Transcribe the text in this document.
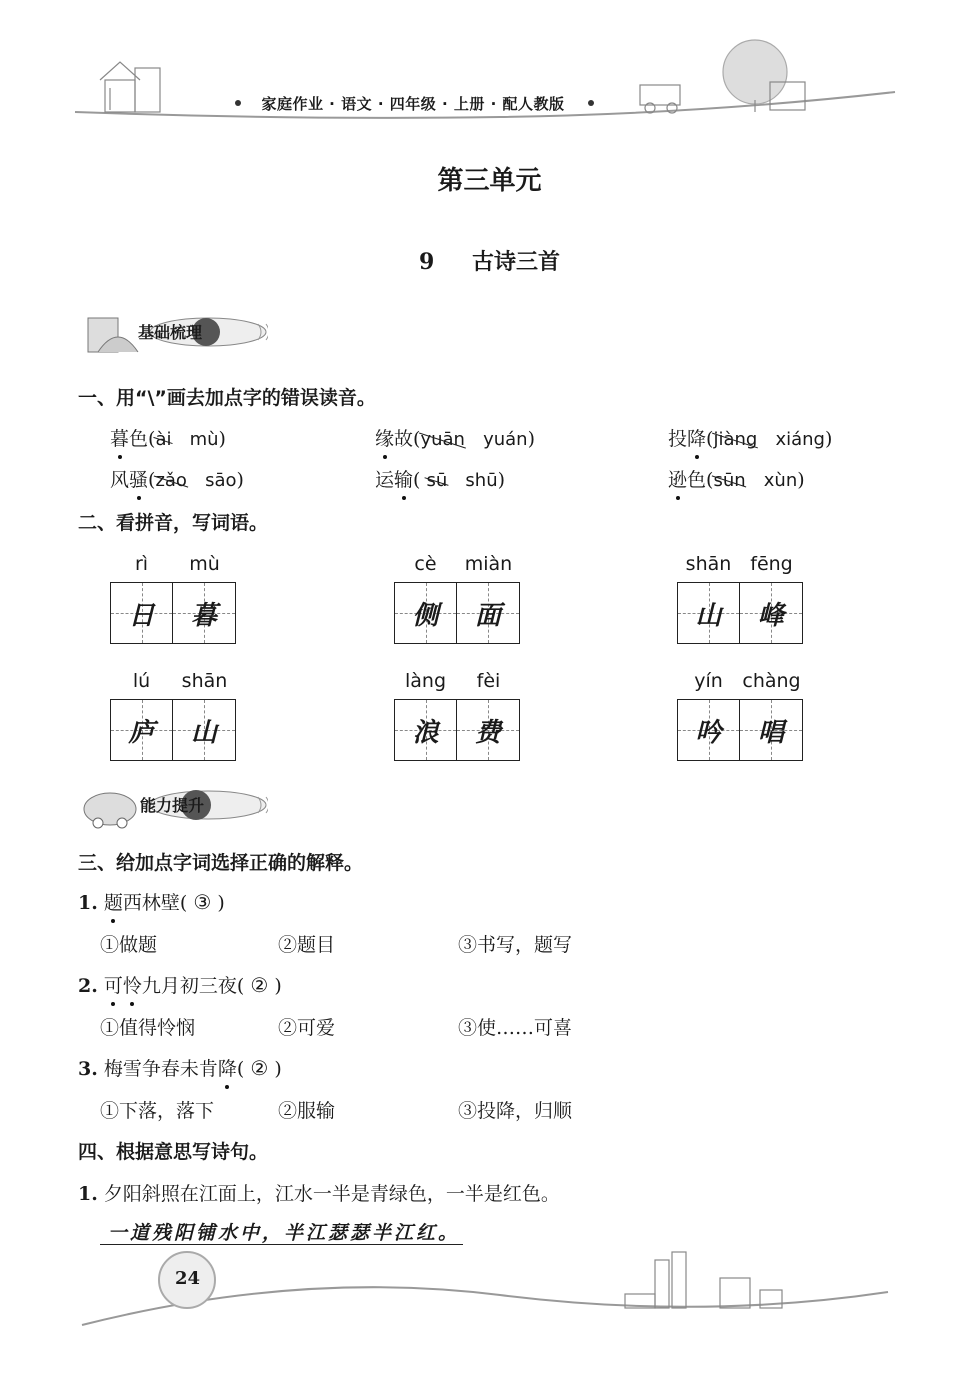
家庭作业 · 语文 · 四年级 · 上册 · 配人教版
第三单元
9 古诗三首
基础梳理
一、用“\”画去加点字的错误读音。
暮色(ài mù)	缘故(yuān yuán)	投降(jiàng xiáng)
风骚(zǎo sāo)	运输( sū shū)	逊色(sūn xùn)
二、看拼音，写词语。
rì	mù
日 暮
cè	miàn
侧 面
shān fēng
山 峰
lú	shān
庐 山
làng	fèi
浪 费
yín	chàng
吟 唱
能力提升
三、给加点字词选择正确的解释。
1. 题西林壁( ③ )
①做题	②题目	③书写，题写
2. 可怜九月初三夜( ② )
①值得怜悯	②可爱	③使……可喜
3. 梅雪争春未肯降( ② )
①下落，落下	②服输	③投降，归顺
四、根据意思写诗句。
1. 夕阳斜照在江面上，江水一半是青绿色，一半是红色。
一道残阳铺水中，半江瑟瑟半江红。
24
